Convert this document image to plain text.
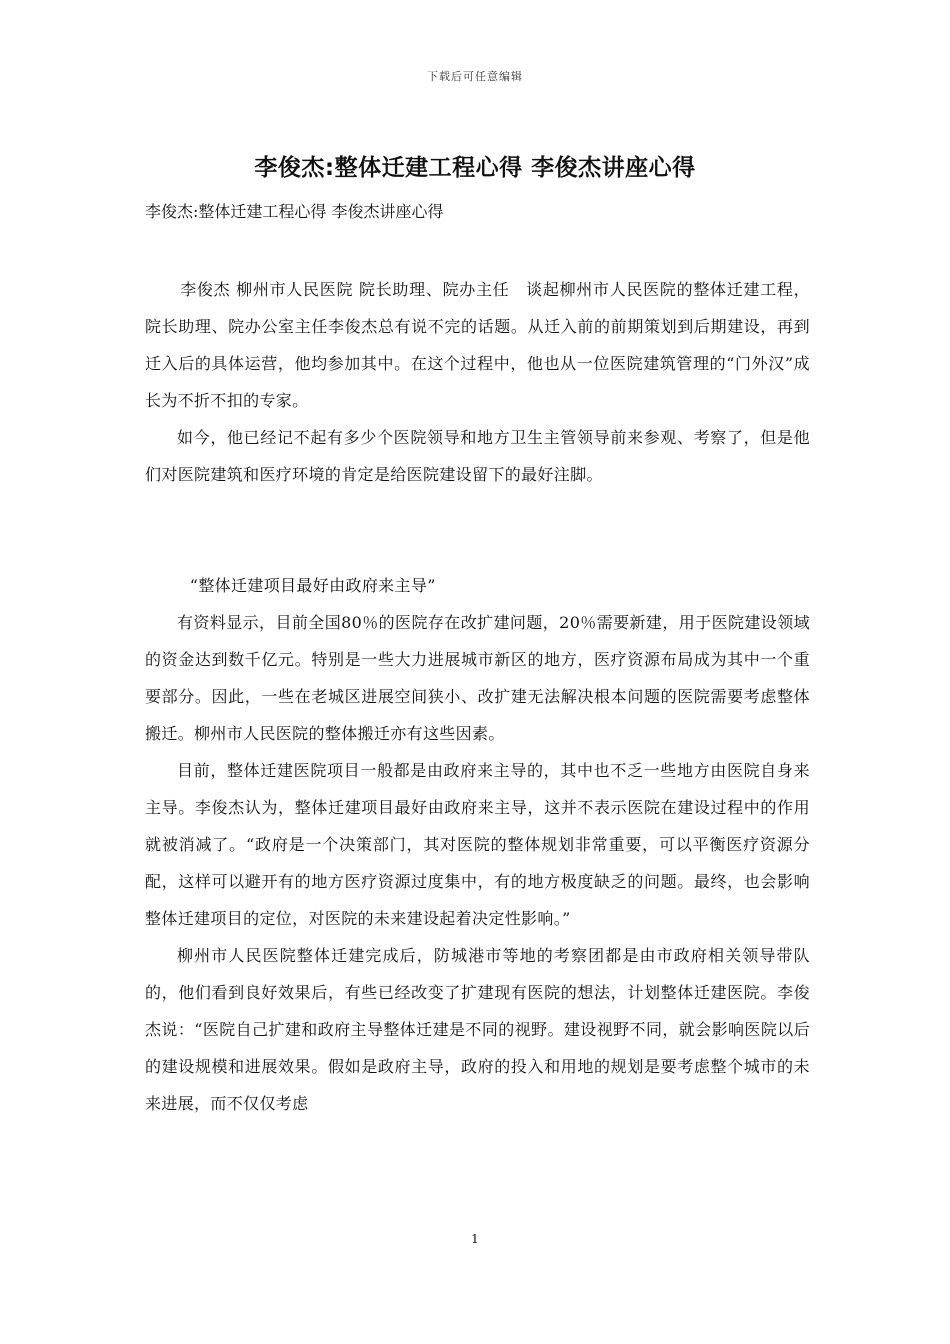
下载后可任意编辑
李俊杰:整体迁建工程心得 李俊杰讲座心得
李俊杰:整体迁建工程心得 李俊杰讲座心得

李俊杰 柳州市人民医院 院长助理、院办主任　谈起柳州市人民医院的整体迁建工程，院长助理、院办公室主任李俊杰总有说不完的话题。从迁入前的前期策划到后期建设，再到迁入后的具体运营，他均参加其中。在这个过程中，他也从一位医院建筑管理的“门外汉”成长为不折不扣的专家。

如今，他已经记不起有多少个医院领导和地方卫生主管领导前来参观、考察了，但是他们对医院建筑和医疗环境的肯定是给医院建设留下的最好注脚。

“整体迁建项目最好由政府来主导”

有资料显示，目前全国80％的医院存在改扩建问题，20％需要新建，用于医院建设领域的资金达到数千亿元。特别是一些大力进展城市新区的地方，医疗资源布局成为其中一个重要部分。因此，一些在老城区进展空间狭小、改扩建无法解决根本问题的医院需要考虑整体搬迁。柳州市人民医院的整体搬迁亦有这些因素。

目前，整体迁建医院项目一般都是由政府来主导的，其中也不乏一些地方由医院自身来主导。李俊杰认为，整体迁建项目最好由政府来主导，这并不表示医院在建设过程中的作用就被消减了。“政府是一个决策部门，其对医院的整体规划非常重要，可以平衡医疗资源分配，这样可以避开有的地方医疗资源过度集中，有的地方极度缺乏的问题。最终，也会影响整体迁建项目的定位，对医院的未来建设起着决定性影响。”

柳州市人民医院整体迁建完成后，防城港市等地的考察团都是由市政府相关领导带队的，他们看到良好效果后，有些已经改变了扩建现有医院的想法，计划整体迁建医院。李俊杰说：“医院自己扩建和政府主导整体迁建是不同的视野。建设视野不同，就会影响医院以后的建设规模和进展效果。假如是政府主导，政府的投入和用地的规划是要考虑整个城市的未来进展，而不仅仅考虑

1
